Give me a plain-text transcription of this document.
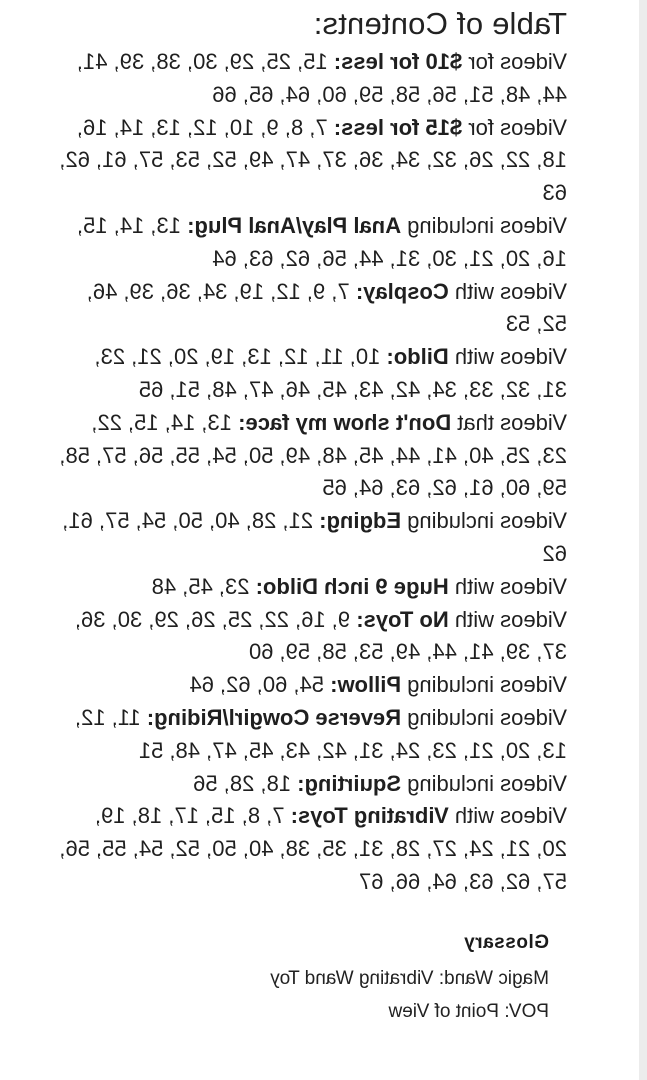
Table of Contents:
Videos for $10 for less: 15, 25, 29, 30, 38, 39, 41, 44, 48, 51, 56, 58, 59, 60, 64, 65, 66
Videos for $15 for less: 7, 8, 9, 10, 12, 13, 14, 16, 18, 22, 26, 32, 34, 36, 37, 47, 49, 52, 53, 57, 61, 62, 63
Videos including Anal Play/Anal Plug: 13, 14, 15, 16, 20, 21, 30, 31, 44, 56, 62, 63, 64
Videos with Cosplay: 7, 9, 12, 19, 34, 36, 39, 46, 52, 53
Videos with Dildo: 10, 11, 12, 13, 19, 20, 21, 23, 31, 32, 33, 34, 42, 43, 45, 46, 47, 48, 51, 65
Videos that Don't show my face: 13, 14, 15, 22, 23, 25, 40, 41, 44, 45, 48, 49, 50, 54, 55, 56, 57, 58, 59, 60, 61, 62, 63, 64, 65
Videos including Edging: 21, 28, 40, 50, 54, 57, 61, 62
Videos with Huge 9 inch Dildo: 23, 45, 48
Videos with No Toys: 9, 16, 22, 25, 26, 29, 30, 36, 37, 39, 41, 44, 49, 53, 58, 59, 60
Videos including Pillow: 54, 60, 62, 64
Videos including Reverse Cowgirl/Riding: 11, 12, 13, 20, 21, 23, 24, 31, 42, 43, 45, 47, 48, 51
Videos including Squirting: 18, 28, 56
Videos with Vibrating Toys: 7, 8, 15, 17, 18, 19, 20, 21, 24, 27, 28, 31, 35, 38, 40, 50, 52, 54, 55, 56, 57, 62, 63, 64, 66, 67
Glossary
Magic Wand: Vibrating Wand Toy
POV: Point of View
